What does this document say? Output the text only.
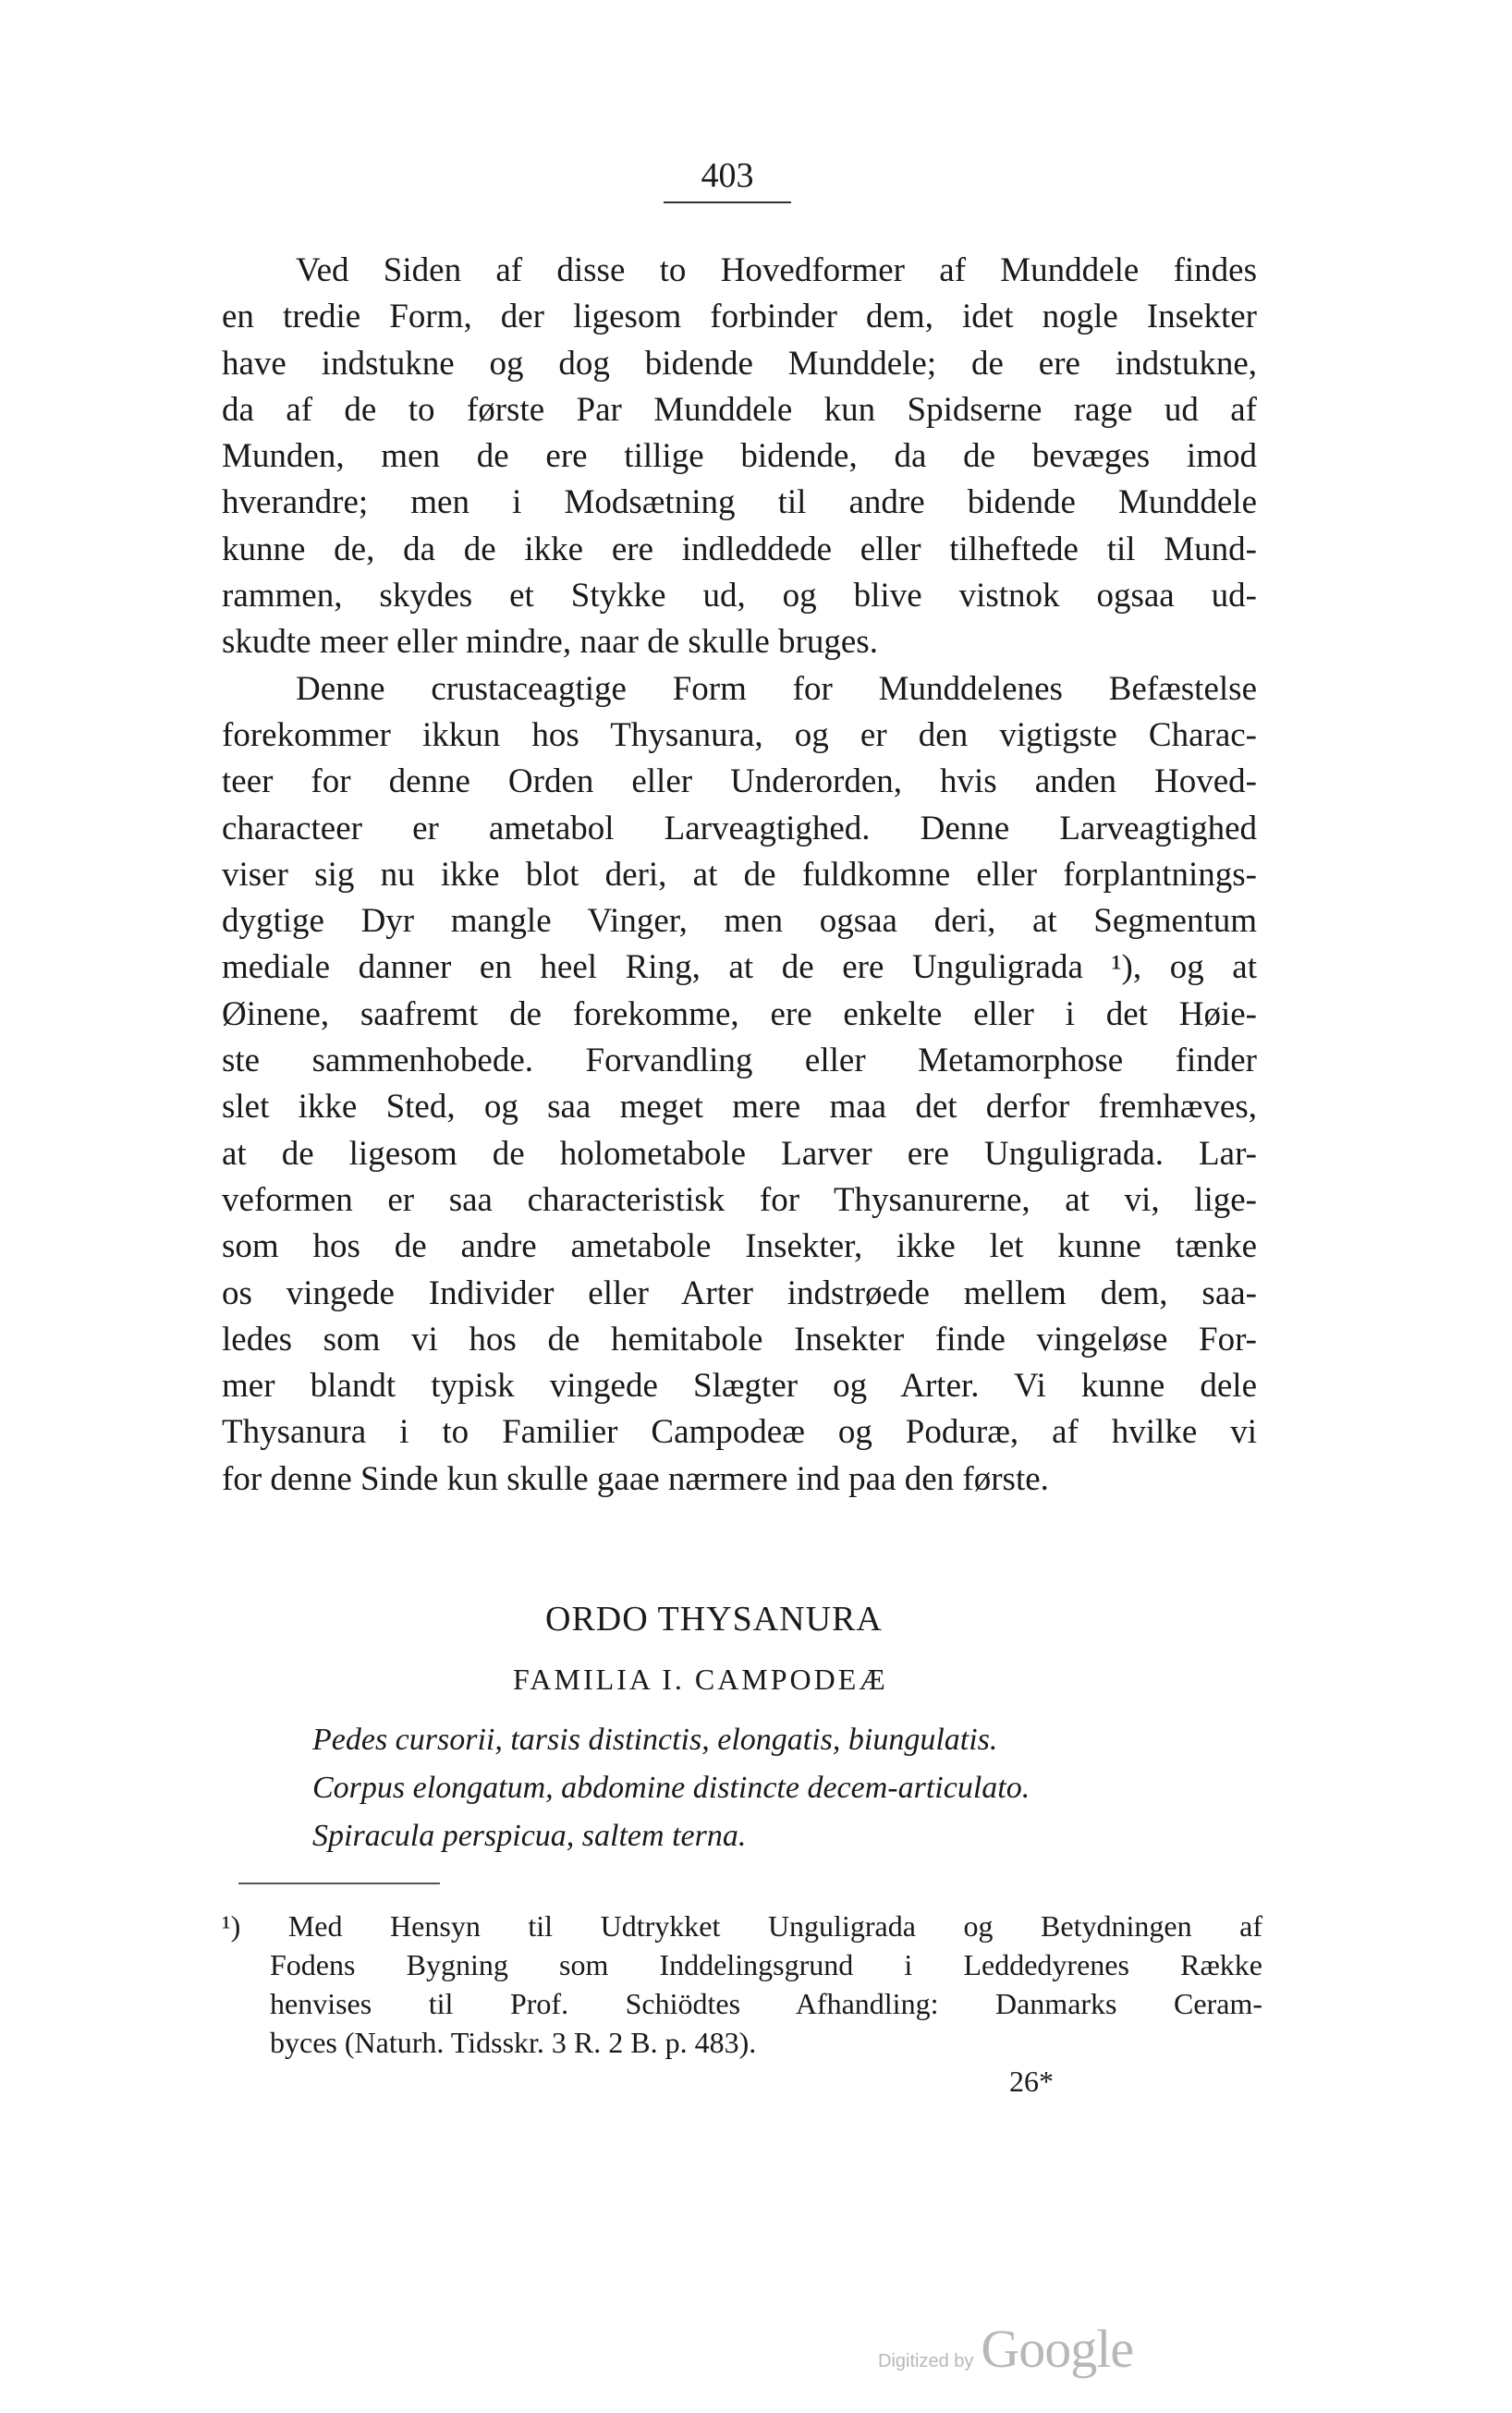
403
Ved Siden af disse to Hovedformer af Munddele findes
en tredie Form, der ligesom forbinder dem, idet nogle Insekter
have indstukne og dog bidende Munddele; de ere indstukne,
da af de to første Par Munddele kun Spidserne rage ud af
Munden, men de ere tillige bidende, da de bevæges imod
hverandre; men i Modsætning til andre bidende Munddele
kunne de, da de ikke ere indleddede eller tilheftede til Mund-
rammen, skydes et Stykke ud, og blive vistnok ogsaa ud-
skudte meer eller mindre, naar de skulle bruges.
Denne crustaceagtige Form for Munddelenes Befæstelse
forekommer ikkun hos Thysanura, og er den vigtigste Charac-
teer for denne Orden eller Underorden, hvis anden Hoved-
characteer er ametabol Larveagtighed. Denne Larveagtighed
viser sig nu ikke blot deri, at de fuldkomne eller forplantnings-
dygtige Dyr mangle Vinger, men ogsaa deri, at Segmentum
mediale danner en heel Ring, at de ere Unguligrada ¹), og at
Øinene, saafremt de forekomme, ere enkelte eller i det Høie-
ste sammenhobede. Forvandling eller Metamorphose finder
slet ikke Sted, og saa meget mere maa det derfor fremhæves,
at de ligesom de holometabole Larver ere Unguligrada. Lar-
veformen er saa characteristisk for Thysanurerne, at vi, lige-
som hos de andre ametabole Insekter, ikke let kunne tænke
os vingede Individer eller Arter indstrøede mellem dem, saa-
ledes som vi hos de hemitabole Insekter finde vingeløse For-
mer blandt typisk vingede Slægter og Arter. Vi kunne dele
Thysanura i to Familier Campodeæ og Poduræ, af hvilke vi
for denne Sinde kun skulle gaae nærmere ind paa den første.
ORDO THYSANURA
FAMILIA I. CAMPODEÆ
Pedes cursorii, tarsis distinctis, elongatis, biungulatis.
Corpus elongatum, abdomine distincte decem-articulato.
Spiracula perspicua, saltem terna.
¹) Med Hensyn til Udtrykket Unguligrada og Betydningen af
Fodens Bygning som Inddelingsgrund i Leddedyrenes Række
henvises til Prof. Schiödtes Afhandling: Danmarks Ceram-
byces (Naturh. Tidsskr. 3 R. 2 B. p. 483).
26*
Digitized by Google
